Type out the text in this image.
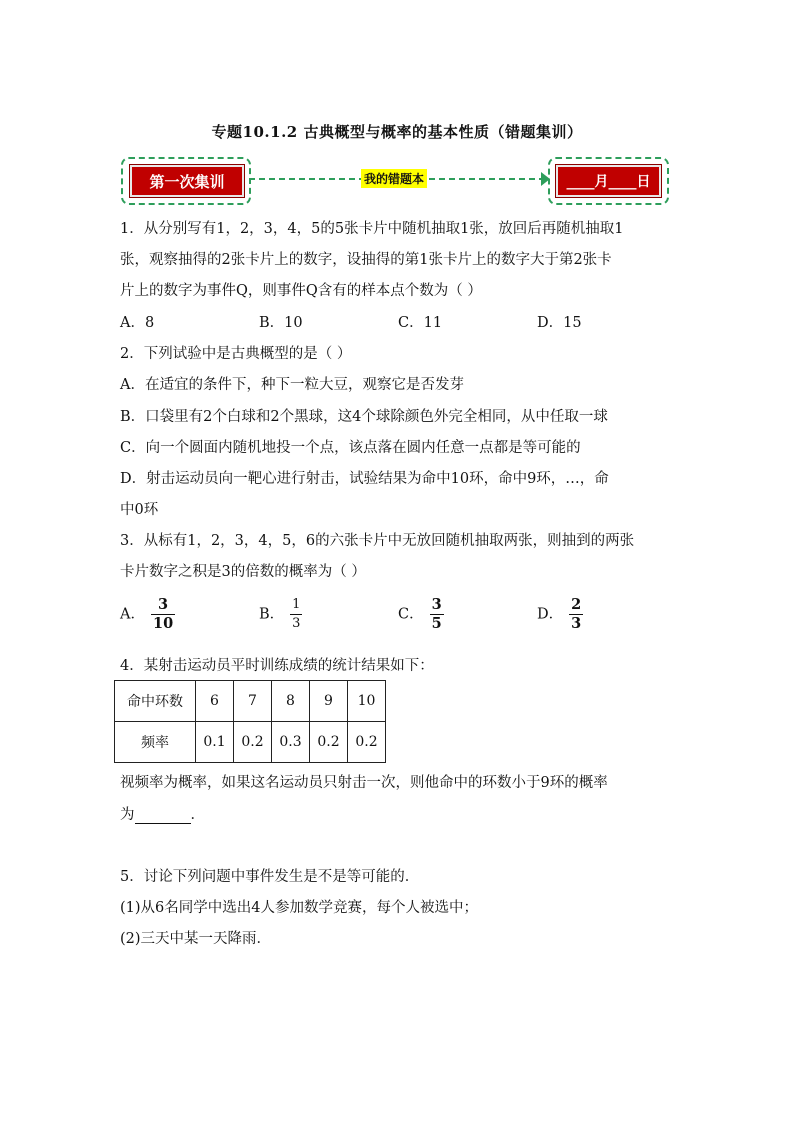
专题10.1.2 古典概型与概率的基本性质（错题集训）
第一次集训	我的错题本	____月____日
1．从分别写有1，2，3，4，5的5张卡片中随机抽取1张，放回后再随机抽取1
张，观察抽得的2张卡片上的数字，设抽得的第1张卡片上的数字大于第2张卡
片上的数字为事件Q，则事件Q含有的样本点个数为（ ）
A．8	B．10	C．11	D．15
2．下列试验中是古典概型的是（ ）
A．在适宜的条件下，种下一粒大豆，观察它是否发芽
B．口袋里有2个白球和2个黑球，这4个球除颜色外完全相同，从中任取一球
C．向一个圆面内随机地投一个点，该点落在圆内任意一点都是等可能的
D．射击运动员向一靶心进行射击，试验结果为命中10环，命中9环，…，命
中0环
3．从标有1，2，3，4，5，6的六张卡片中无放回随机抽取两张，则抽到的两张
卡片数字之积是3的倍数的概率为（ ）
A． $\frac{3}{10}$	B． $\frac{1}{3}$	C． $\frac{3}{5}$	D． $\frac{2}{3}$
4．某射击运动员平时训练成绩的统计结果如下：
命中环数	6	7	8	9	10
频率	0.1	0.2	0.3	0.2	0.2
视频率为概率，如果这名运动员只射击一次，则他命中的环数小于9环的概率
为	．
5．讨论下列问题中事件发生是不是等可能的．
(1)从6名同学中选出4人参加数学竞赛，每个人被选中；
(2)三天中某一天降雨．
